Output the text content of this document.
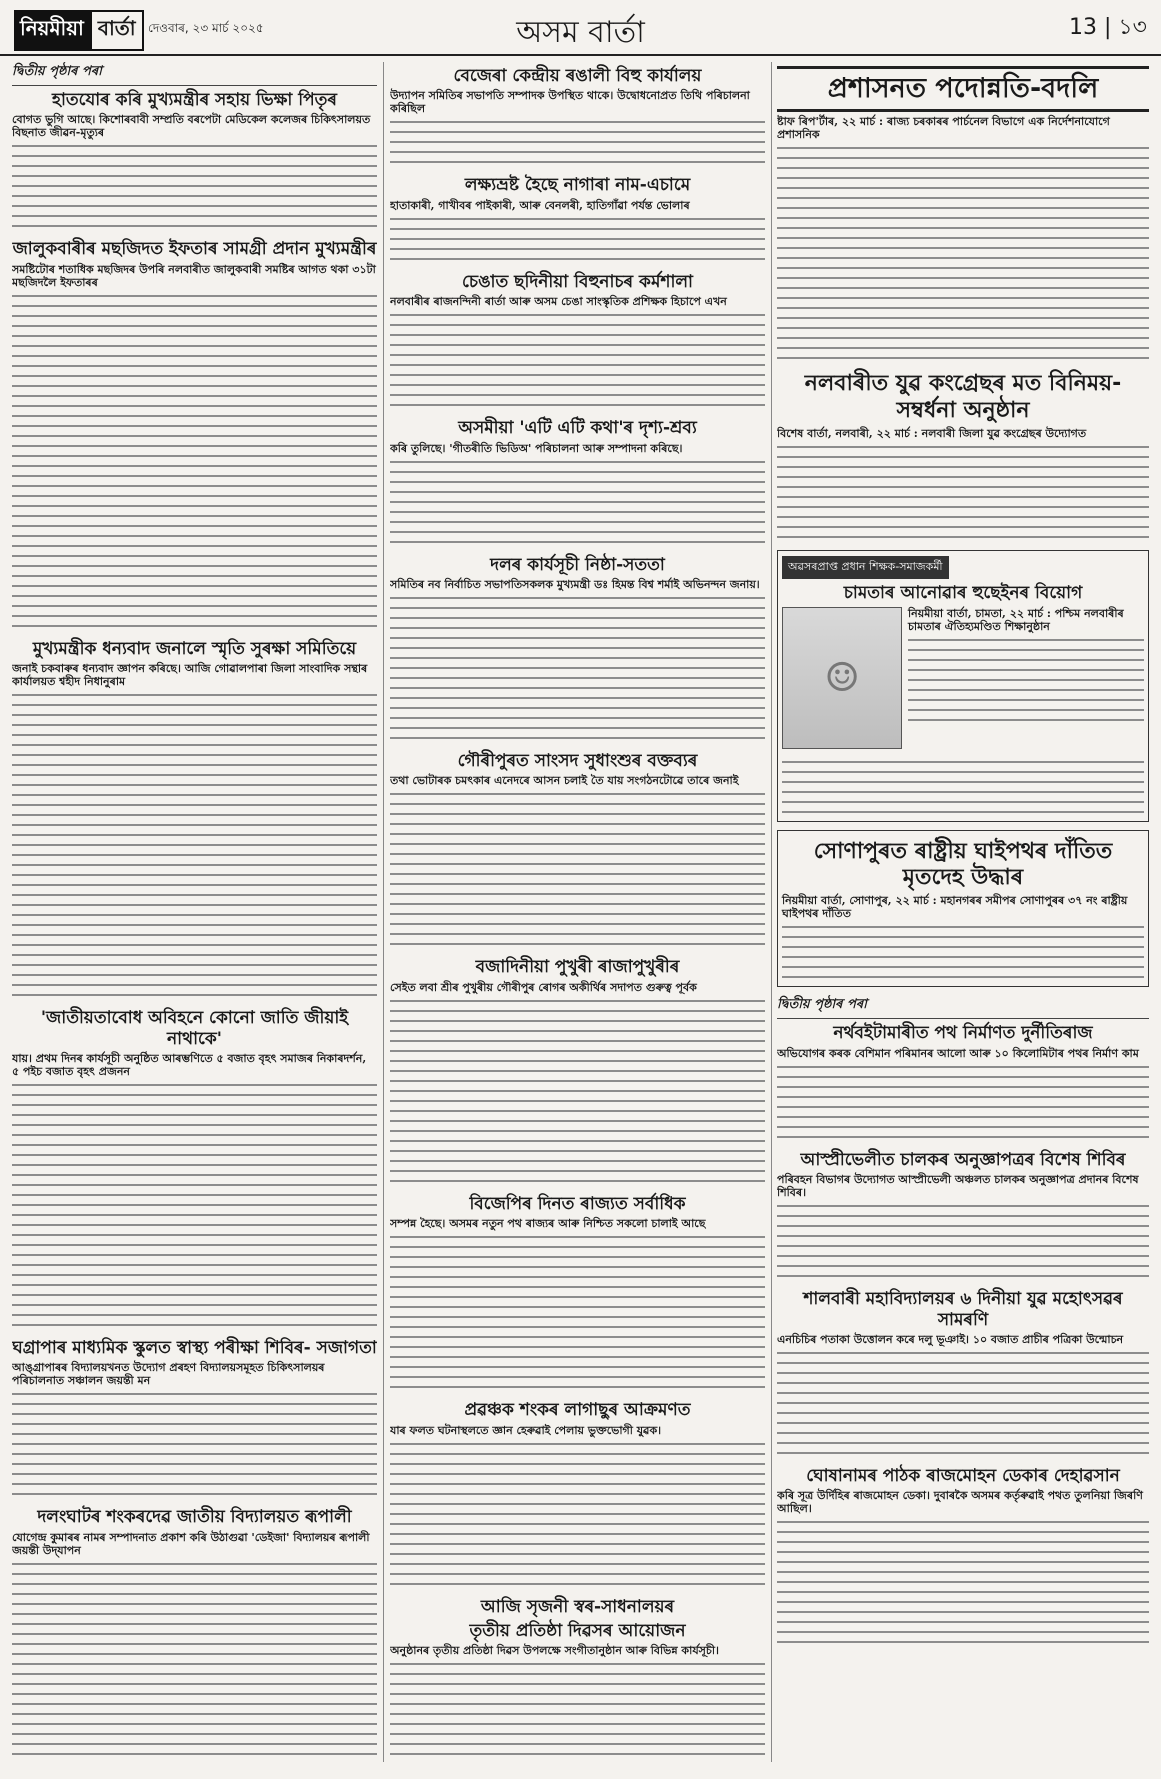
নিয়মীয়া বাৰ্তা	দেওবাৰ, ২৩ মাৰ্চ ২০২৫	অসম বাৰ্তা	13 | ১৩
দ্বিতীয় পৃষ্ঠাৰ পৰা
হাতযোৰ কৰি মুখ্যমন্ত্ৰীৰ সহায় ভিক্ষা পিতৃৰ

বোগত ভুগি আছে। কিশোৰবাবী সম্প্ৰতি বৰপেটা মেডিকেল কলেজৰ চিকিৎসালয়ত বিছনাত জীৱন-মৃত্যুৰ

জালুকবাৰীৰ মছজিদত ইফতাৰ সামগ্ৰী প্ৰদান মুখ্যমন্ত্ৰীৰ

সমষ্টিটোৰ শতাধিক মছজিদৰ উপৰি নলবাৰীত জালুকবাৰী সমষ্টিৰ আগত থকা ৩১টা মছজিদলৈ ইফতাৰৰ

মুখ্যমন্ত্ৰীক ধন্যবাদ জনালে স্মৃতি সুৰক্ষা সমিতিয়ে

জনাই চকবাৰুৰ ধন্যবাদ জ্ঞাপন কৰিছে। আজি গোৱালপাৰা জিলা সাংবাদিক সন্থাৰ কাৰ্যালয়ত শ্বহীদ নিধানুৰাম

'জাতীয়তাবোধ অবিহনে কোনো জাতি জীয়াই নাথাকে'

যায়। প্ৰথম দিনৰ কাৰ্যসূচী অনুষ্ঠিত আৰম্ভণিতে ৫ বজাত বৃহৎ সমাজৰ নিকাৰদৰ্শন, ৫ পইচ বজাত বৃহৎ প্ৰজনন

ঘগ্ৰাপাৰ মাধ্যমিক স্কুলত স্বাস্থ্য পৰীক্ষা শিবিৰ- সজাগতা

আঙ্গ্ৰাপাৰৰ বিদ্যালয়খনত উদ্যোগ প্ৰৰহণ বিদ্যালয়সমূহত চিকিৎসালয়ৰ পৰিচালনাত সঞ্চালন জয়ন্তী মন

দলংঘাটৰ শংকৰদেৱ জাতীয় বিদ্যালয়ত ৰূপালী

যোগেন্দ্ৰ কুমাৰৰ নামৰ সম্পাদনাত প্ৰকাশ কৰি উঠাগুৱা 'ডেইজা' বিদ্যালয়ৰ ৰূপালী জয়ন্তী উদ্‌যাপন

বেজেৰা কেন্দ্ৰীয় ৰঙালী বিহু কাৰ্যালয়

উদ্যাপন সমিতিৰ সভাপতি সম্পাদক উপস্থিত থাকে। উদ্বোধনোপ্ৰত তিথি পৰিচালনা কৰিছিল

লক্ষ্যভ্ৰষ্ট হৈছে নাগাৰা নাম-এচামে

হাতাকাৰী, গাখীবৰ পাইকাৰী, আৰু বেনলৰী, হাতিগাঁৱা পৰ্যন্ত ভোলাৰ

চেঙাত ছদিনীয়া বিহুনাচৰ কৰ্মশালা

নলবাৰীৰ ৰাজনন্দিনী ৰাৰ্তা আৰু অসম চেঙা সাংস্কৃতিক প্ৰশিক্ষক হিচাপে এখন

অসমীয়া 'এটি এটি কথা'ৰ দৃশ্য-শ্ৰব্য

কৰি তুলিছে। 'গীতৰীতি ভিডিঅ' পৰিচালনা আৰু সম্পাদনা কৰিছে।

দলৰ কাৰ্যসূচী নিষ্ঠা-সততা

সমিতিৰ নব নিৰ্বাচিত সভাপতিসকলক মুখ্যমন্ত্ৰী ডঃ হিমন্ত বিশ্ব শৰ্মাই অভিনন্দন জনায়।

গৌৰীপুৰত সাংসদ সুধাংশুৰ বক্তব্যৰ

তথা ভোটাৰক চমৎকাৰ এনেদৰে আসন চলাই তৈ যায় সংগঠনটোৱে তাৰে জনাই

বজাদিনীয়া পুখুৰী ৰাজাপুখুৰীৰ

সেইত লবা শ্ৰীৰ পুখুৰীয় গৌৰীপুৰ ৰোগৰ অকীৰ্থিৰ সদাপত গুৰুত্ব পূৰ্বক

বিজেপিৰ দিনত ৰাজ্যত সৰ্বাধিক

সম্পন্ন হৈছে। অসমৰ নতুন পথ ৰাজ্যৰ আৰু নিশ্চিত সকলো চালাই আছে

প্ৰৱঞ্চক শংকৰ লাগাছুৰ আক্ৰমণত

যাৰ ফলত ঘটনাস্থলতে জ্ঞান হেৰুৱাই পেলায় ভুক্তভোগী যুৱক।

আজি সৃজনী স্বৰ-সাধনালয়ৰ
তৃতীয় প্ৰতিষ্ঠা দিৱসৰ আয়োজন

অনুষ্ঠানৰ তৃতীয় প্ৰতিষ্ঠা দিৱস উপলক্ষে সংগীতানুষ্ঠান আৰু বিভিন্ন কাৰ্যসূচী।

প্ৰশাসনত পদোন্নতি-বদলি

ষ্টাফ ৰিপ'ৰ্টাৰ, ২২ মাৰ্চ : ৰাজ্য চৰকাৰৰ পাৰ্চনেল বিভাগে এক নিৰ্দেশনাযোগে প্ৰশাসনিক

নলবাৰীত যুৱ কংগ্ৰেছৰ মত বিনিময়-সম্বৰ্ধনা অনুষ্ঠান

বিশেষ বাৰ্তা, নলবাৰী, ২২ মাৰ্চ : নলবাৰী জিলা যুৱ কংগ্ৰেছৰ উদ্যোগত

অৱসৰপ্ৰাপ্ত প্ৰধান শিক্ষক-সমাজকৰ্মী
চামতাৰ আনোৱাৰ হুছেইনৰ বিয়োগ
☺

নিয়মীয়া বাৰ্তা, চামতা, ২২ মাৰ্চ : পশ্চিম নলবাৰীৰ চামতাৰ ঐতিহ্যমণ্ডিত শিক্ষানুষ্ঠান

সোণাপুৰত ৰাষ্ট্ৰীয় ঘাইপথৰ দাঁতিত মৃতদেহ উদ্ধাৰ

নিয়মীয়া বাৰ্তা, সোণাপুৰ, ২২ মাৰ্চ : মহানগৰৰ সমীপৰ সোণাপুৰৰ ৩৭ নং ৰাষ্ট্ৰীয় ঘাইপথৰ দাঁতিত

দ্বিতীয় পৃষ্ঠাৰ পৰা
নৰ্থবইটামাৰীত পথ নিৰ্মাণত দুৰ্নীতিৰাজ

অভিযোগৰ কৰক বেশিমান পৰিমানৰ আলো আৰু ১০ কিলোমিটাৰ পথৰ নিৰ্মাণ কাম

আস্প্ৰীভেলীত চালকৰ অনুজ্ঞাপত্ৰৰ বিশেষ শিবিৰ

পৰিবহন বিভাগৰ উদ্যোগত আস্প্ৰীভেলী অঞ্চলত চালকৰ অনুজ্ঞাপত্ৰ প্ৰদানৰ বিশেষ শিবিৰ।

শালবাৰী মহাবিদ্যালয়ৰ ৬ দিনীয়া যুৱ মহোৎসৱৰ সামৰণি

এনচিচিৰ পতাকা উত্তোলন কৰে দলু ভূঞাই। ১০ বজাত প্ৰাচীৰ পত্ৰিকা উন্মোচন

ঘোষানামৰ পাঠক ৰাজমোহন ডেকাৰ দেহাৱসান

কৰি সূত্ৰ উৰ্দিহিৰ ৰাজমোহন ডেকা। দুবাৰকৈ অসমৰ কৰ্তৃৰুৱাই পথত তুলনিয়া জিৰণি আছিল।
